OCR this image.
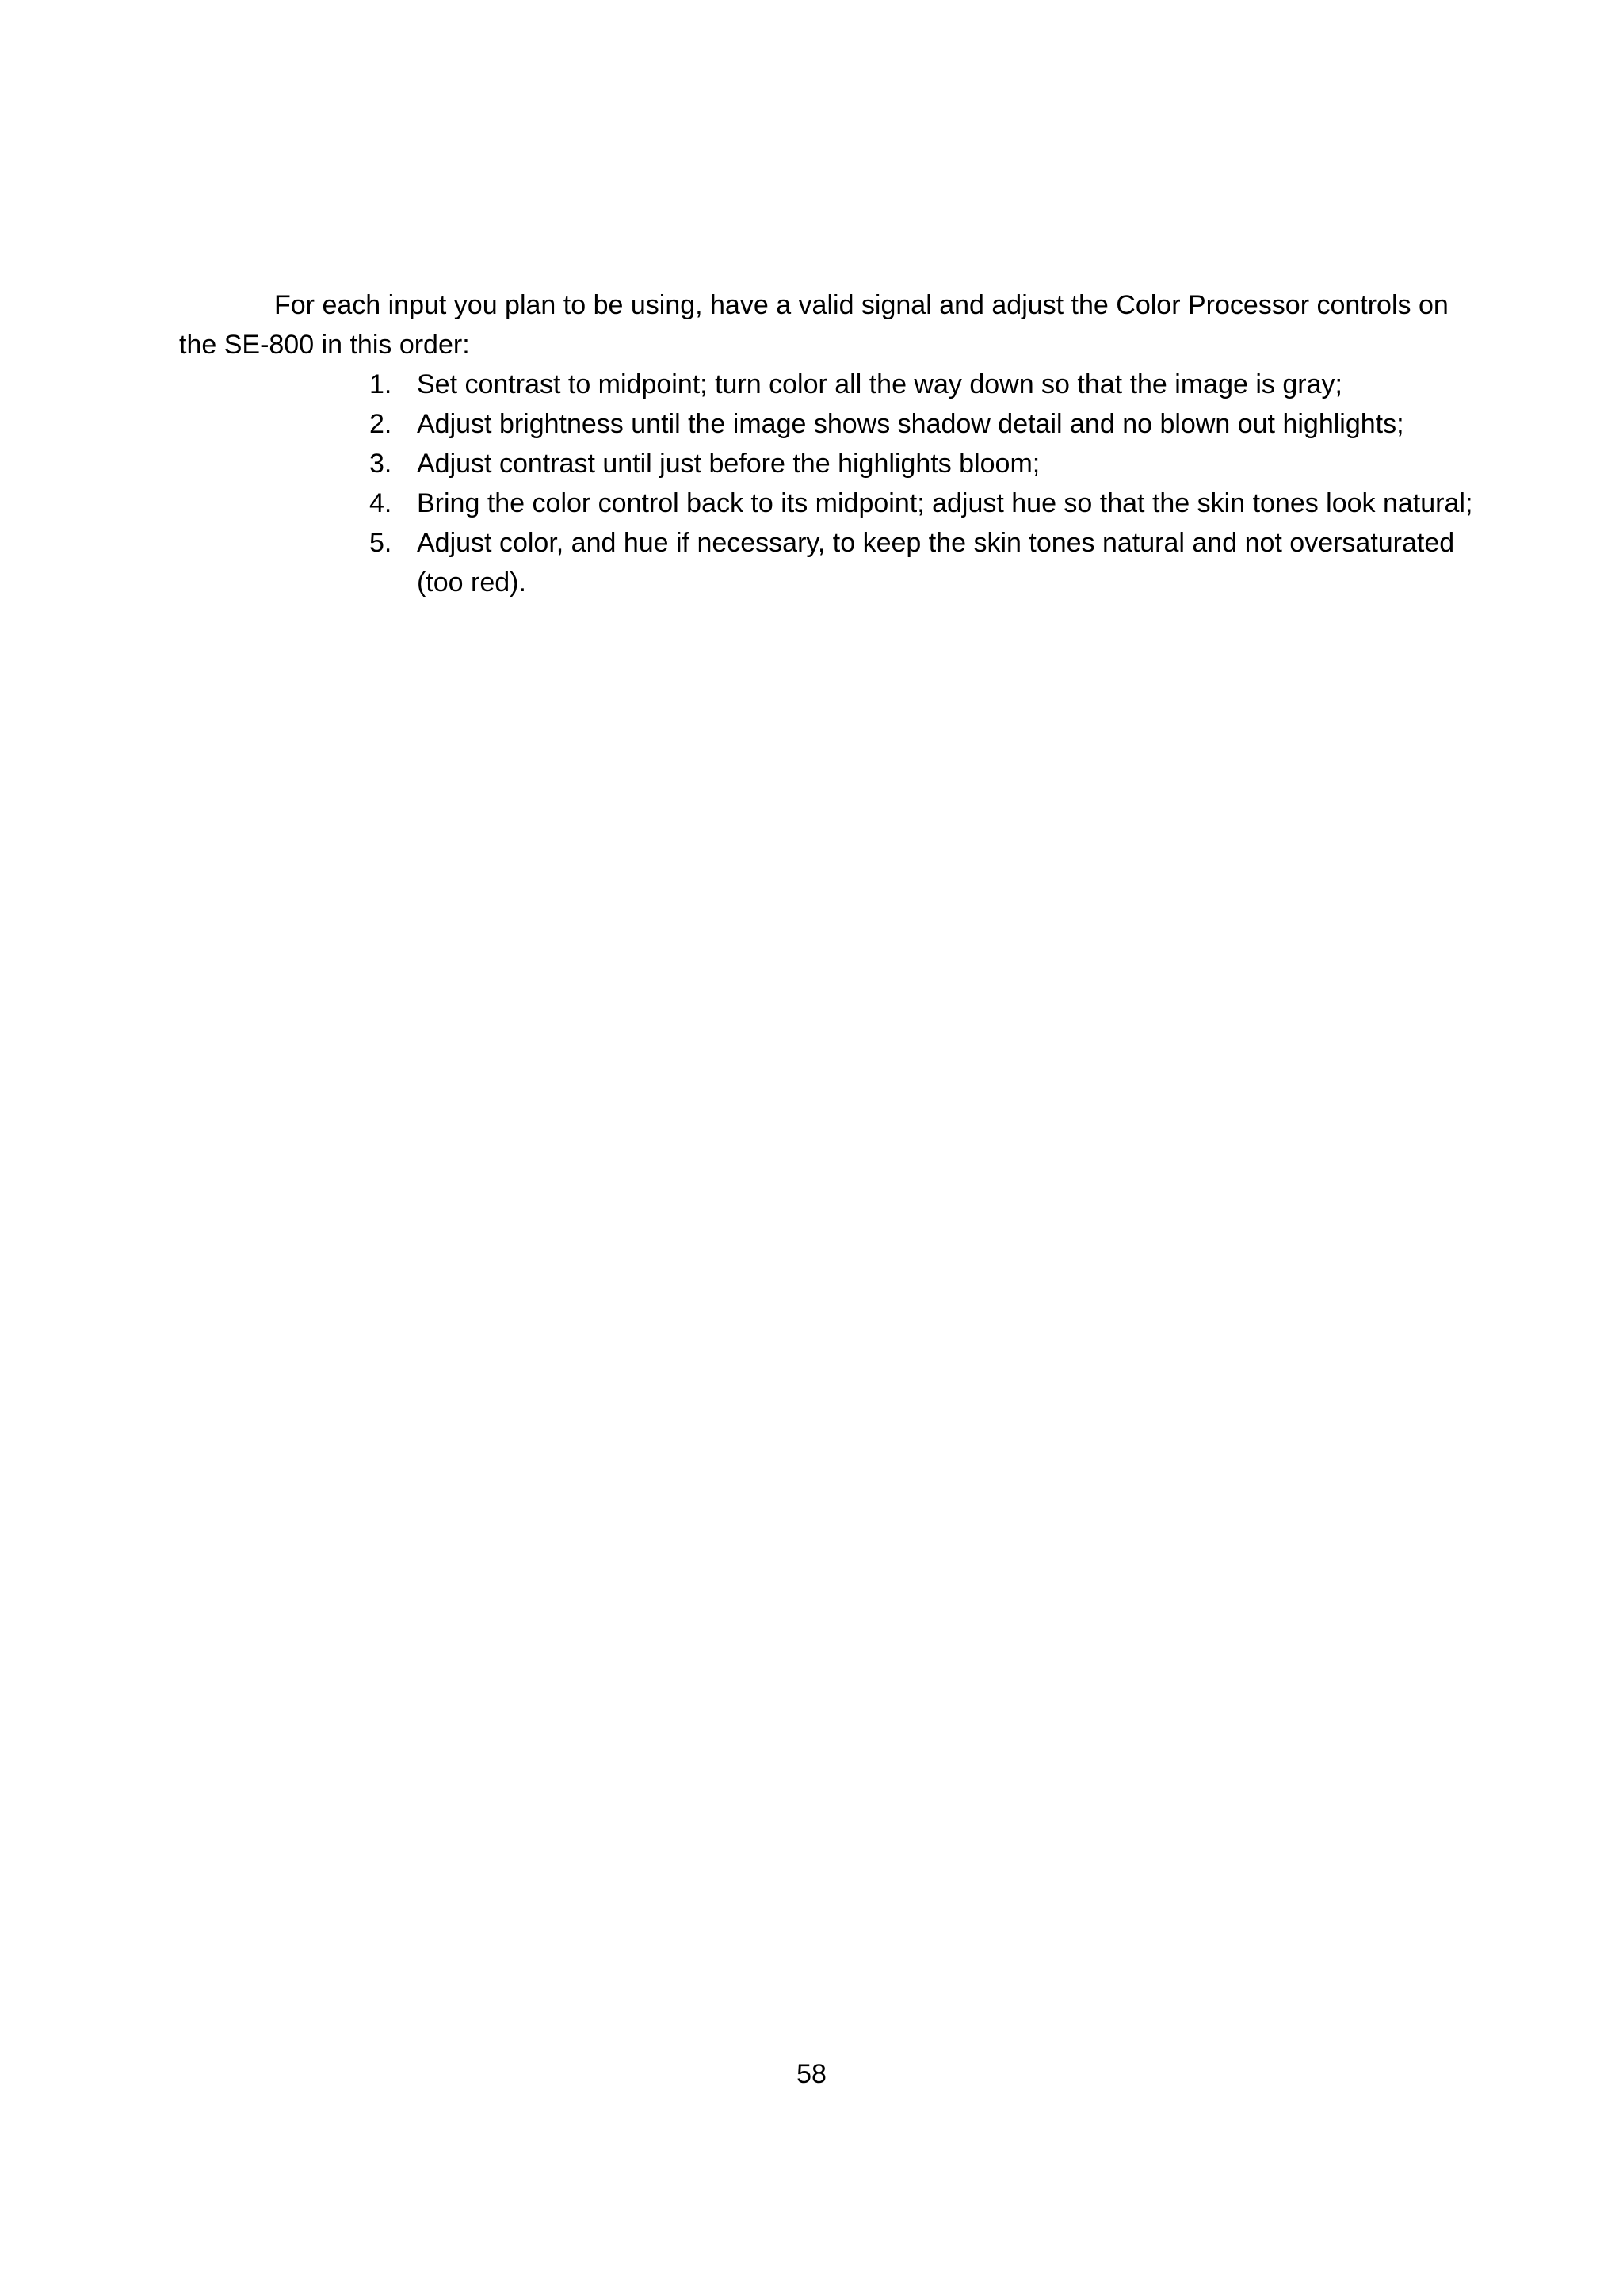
For each input you plan to be using, have a valid signal and adjust the Color Processor controls on the SE-800 in this order:

1. Set contrast to midpoint; turn color all the way down so that the image is gray;
2. Adjust brightness until the image shows shadow detail and no blown out highlights;
3. Adjust contrast until just before the highlights bloom;
4. Bring the color control back to its midpoint; adjust hue so that the skin tones look natural;
5. Adjust color, and hue if necessary, to keep the skin tones natural and not oversaturated (too red).
58
